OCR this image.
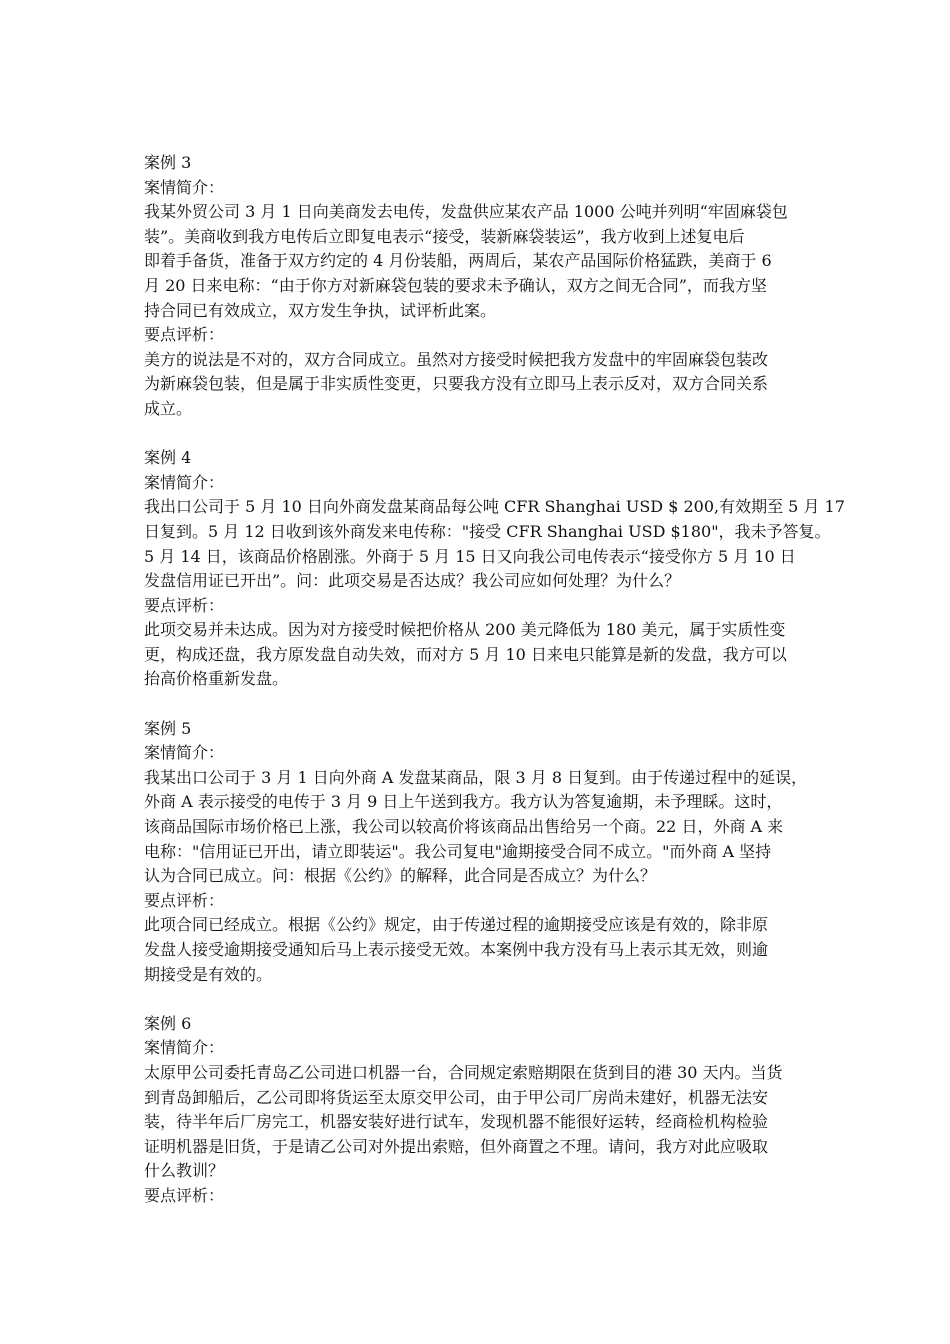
案例 3
案情简介：
我某外贸公司 3 月 1 日向美商发去电传，发盘供应某农产品 1000 公吨并列明“牢固麻袋包
装”。美商收到我方电传后立即复电表示“接受，装新麻袋装运”，我方收到上述复电后
即着手备货，准备于双方约定的 4 月份装船，两周后，某农产品国际价格猛跌，美商于 6
月 20 日来电称：“由于你方对新麻袋包装的要求未予确认，双方之间无合同”，而我方坚
持合同已有效成立，双方发生争执，试评析此案。
要点评析：
美方的说法是不对的，双方合同成立。虽然对方接受时候把我方发盘中的牢固麻袋包装改
为新麻袋包装，但是属于非实质性变更，只要我方没有立即马上表示反对，双方合同关系
成立。
案例 4
案情简介：
我出口公司于 5 月 10 日向外商发盘某商品每公吨 CFR Shanghai USD $ 200,有效期至 5 月 17
日复到。5 月 12 日收到该外商发来电传称："接受 CFR Shanghai USD $180"，我未予答复。
5 月 14 日，该商品价格剧涨。外商于 5 月 15 日又向我公司电传表示“接受你方 5 月 10 日
发盘信用证已开出”。问：此项交易是否达成？我公司应如何处理？为什么？
要点评析：
此项交易并未达成。因为对方接受时候把价格从 200 美元降低为 180 美元，属于实质性变
更，构成还盘，我方原发盘自动失效，而对方 5 月 10 日来电只能算是新的发盘，我方可以
抬高价格重新发盘。
案例 5
案情简介：
我某出口公司于 3 月 1 日向外商 A 发盘某商品，限 3 月 8 日复到。由于传递过程中的延误，
外商 A 表示接受的电传于 3 月 9 日上午送到我方。我方认为答复逾期，未予理睬。这时，
该商品国际市场价格已上涨，我公司以较高价将该商品出售给另一个商。22 日，外商 A 来
电称："信用证已开出，请立即装运"。我公司复电"逾期接受合同不成立。"而外商 A 坚持
认为合同已成立。问：根据《公约》的解释，此合同是否成立？为什么？
要点评析：
此项合同已经成立。根据《公约》规定，由于传递过程的逾期接受应该是有效的，除非原
发盘人接受逾期接受通知后马上表示接受无效。本案例中我方没有马上表示其无效，则逾
期接受是有效的。
案例 6
案情简介：
太原甲公司委托青岛乙公司进口机器一台，合同规定索赔期限在货到目的港 30 天内。当货
到青岛卸船后，乙公司即将货运至太原交甲公司，由于甲公司厂房尚未建好，机器无法安
装，待半年后厂房完工，机器安装好进行试车，发现机器不能很好运转，经商检机构检验
证明机器是旧货，于是请乙公司对外提出索赔，但外商置之不理。请问，我方对此应吸取
什么教训？
要点评析：
